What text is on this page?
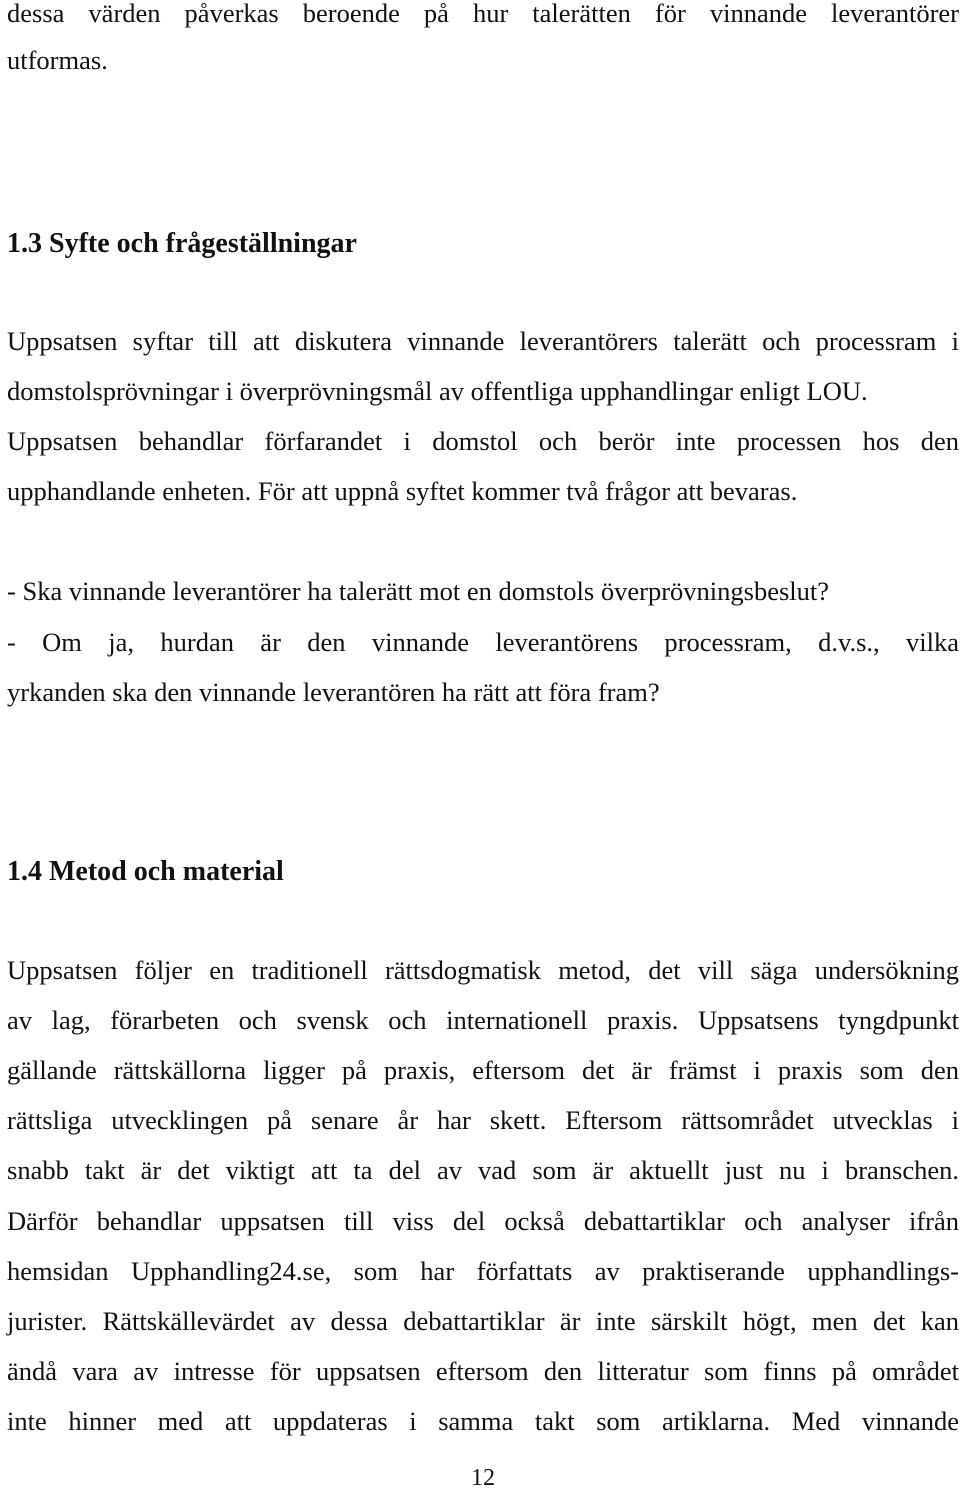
dessa värden påverkas beroende på hur talerätten för vinnande leverantörer
utformas.
1.3 Syfte och frågeställningar
Uppsatsen syftar till att diskutera vinnande leverantörers talerätt och processram i
domstolsprövningar i överprövningsmål av offentliga upphandlingar enligt LOU.
Uppsatsen behandlar förfarandet i domstol och berör inte processen hos den
upphandlande enheten. För att uppnå syftet kommer två frågor att bevaras.
- Ska vinnande leverantörer ha talerätt mot en domstols överprövningsbeslut?
- Om ja, hurdan är den vinnande leverantörens processram, d.v.s., vilka
yrkanden ska den vinnande leverantören ha rätt att föra fram?
1.4 Metod och material
Uppsatsen följer en traditionell rättsdogmatisk metod, det vill säga undersökning
av lag, förarbeten och svensk och internationell praxis. Uppsatsens tyngdpunkt
gällande rättskällorna ligger på praxis, eftersom det är främst i praxis som den
rättsliga utvecklingen på senare år har skett. Eftersom rättsområdet utvecklas i
snabb takt är det viktigt att ta del av vad som är aktuellt just nu i branschen.
Därför behandlar uppsatsen till viss del också debattartiklar och analyser ifrån
hemsidan Upphandling24.se, som har författats av praktiserande upphandlings-
jurister. Rättskällevärdet av dessa debattartiklar är inte särskilt högt, men det kan
ändå vara av intresse för uppsatsen eftersom den litteratur som finns på området
inte hinner med att uppdateras i samma takt som artiklarna. Med vinnande
12
